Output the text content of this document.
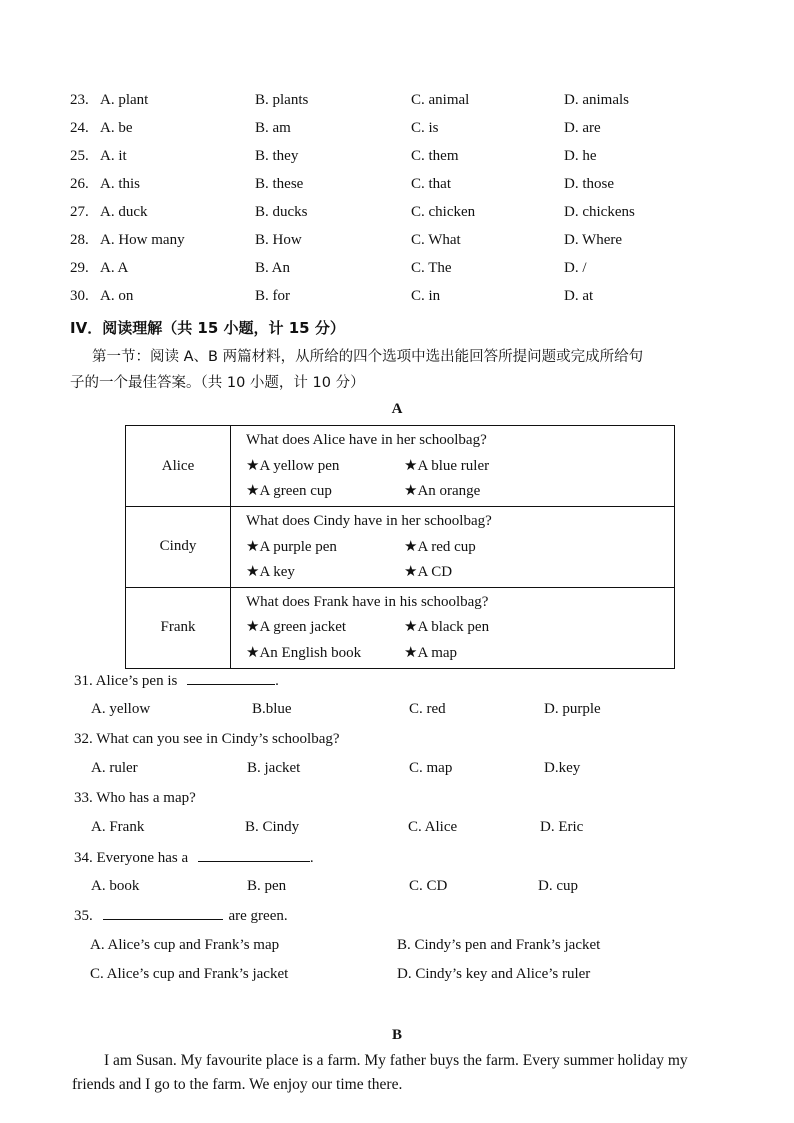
23. A. plant	B. plants	C. animal	D. animals
24. A. be	B. am	C. is	D. are
25. A. it	B. they	C. them	D. he
26. A. this	B. these	C. that	D. those
27. A. duck	B. ducks	C. chicken	D. chickens
28. A. How many	B. How	C. What	D. Where
29. A. A	B. An	C. The	D. /
30. A. on	B. for	C. in	D. at
IV．阅读理解（共 15 小题，计 15 分）
第一节：阅读 A、B 两篇材料，从所给的四个选项中选出能回答所提问题或完成所给句
子的一个最佳答案。（共 10 小题，计 10 分）
A
Alice	What does Alice have in her schoolbag?
★A yellow pen ★A blue ruler
★A green cup ★An orange

Cindy	What does Cindy have in her schoolbag?
★A purple pen ★A red cup
★A key ★A CD

Frank	What does Frank have in his schoolbag?
★A green jacket ★A black pen
★An English book ★A map
31. Alice’s pen is	.
A. yellow	B.blue	C. red	D. purple
32. What can you see in Cindy’s schoolbag?
A. ruler	B. jacket	C. map	D.key
33. Who has a map?
A. Frank	B. Cindy	C. Alice	D. Eric
34. Everyone has a	.
A. book	B. pen	C. CD	D. cup
35.	are green.
A. Alice’s cup and Frank’s map	B. Cindy’s pen and Frank’s jacket
C. Alice’s cup and Frank’s jacket	D. Cindy’s key and Alice’s ruler
B
I am Susan. My favourite place is a farm. My father buys the farm. Every summer holiday my friends and I go to the farm. We enjoy our time there.
